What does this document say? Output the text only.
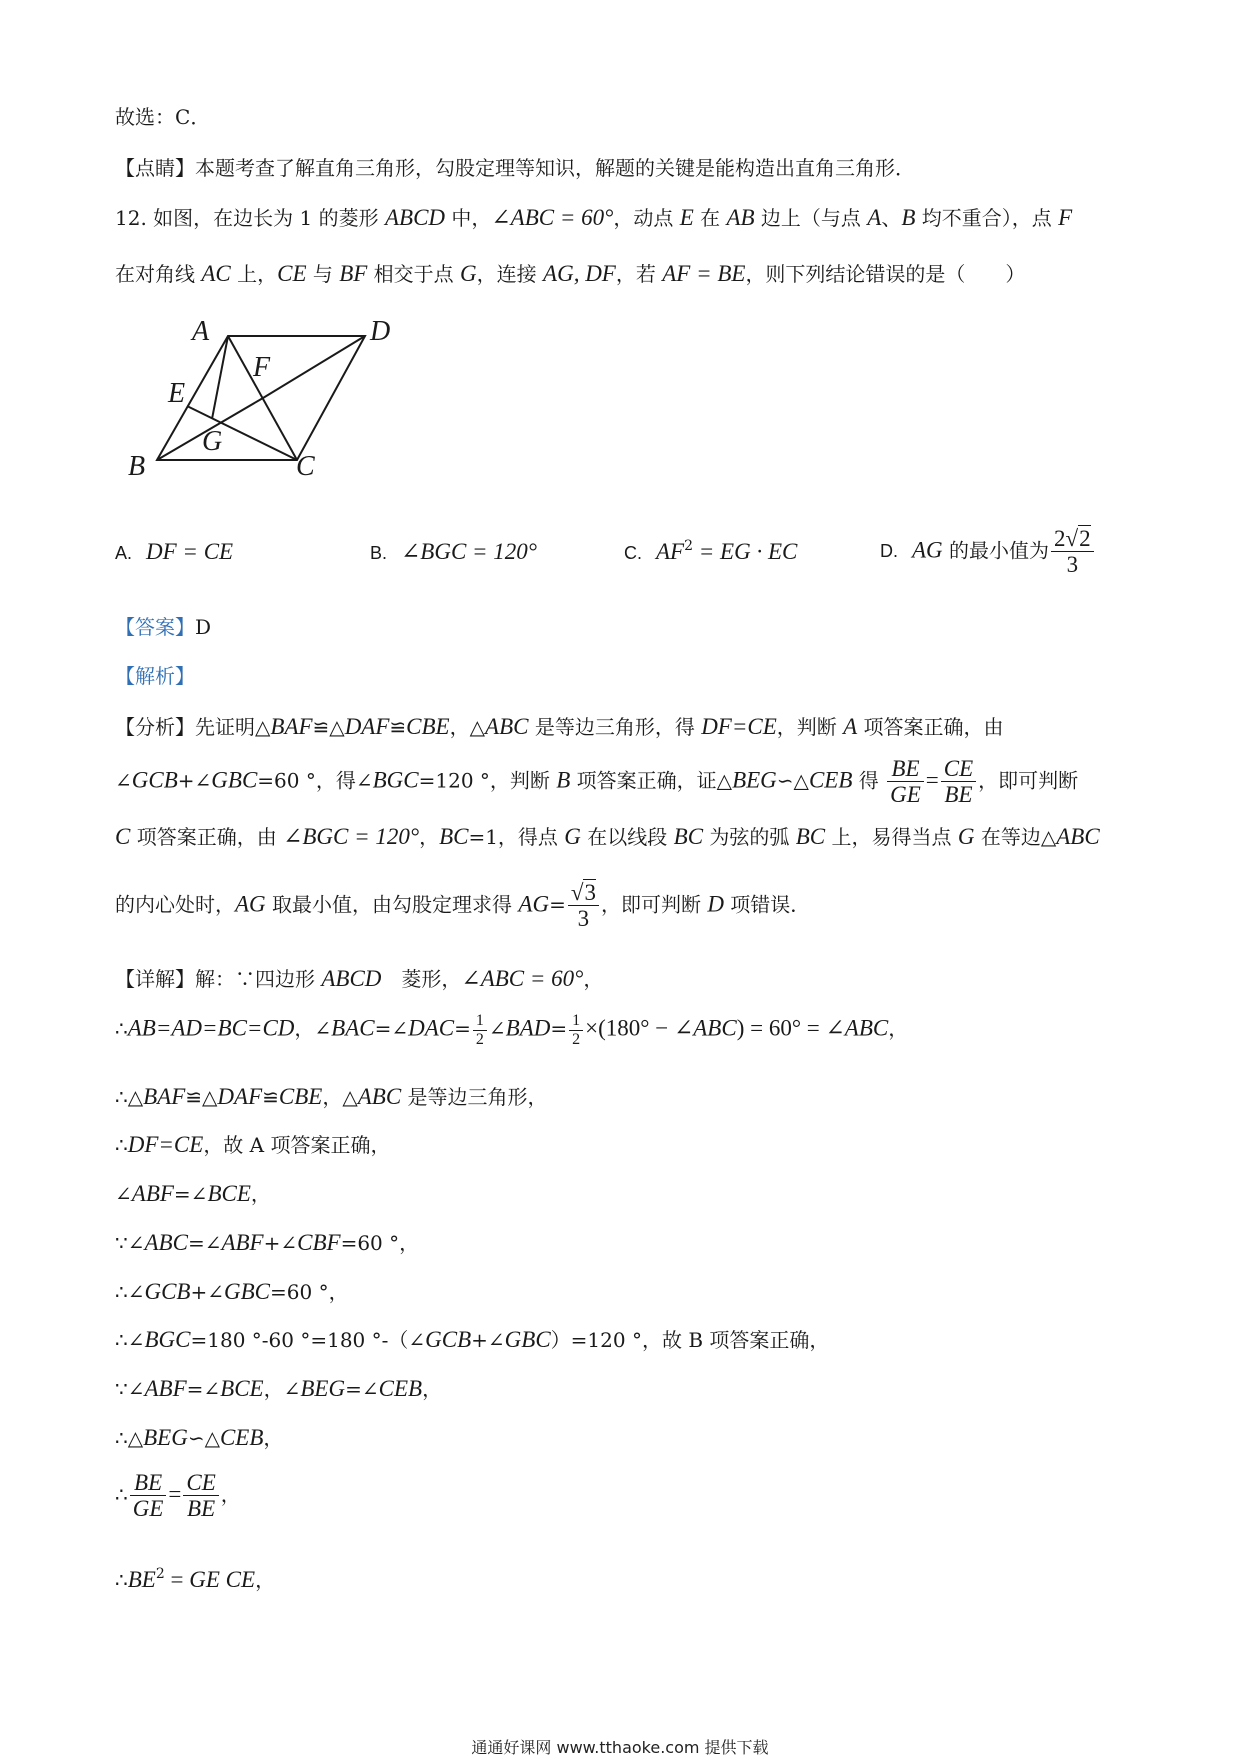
故选：C．
【点睛】本题考查了解直角三角形，勾股定理等知识，解题的关键是能构造出直角三角形．
12. 如图，在边长为 1 的菱形 ABCD 中，∠ABC = 60°，动点 E 在 AB 边上（与点 A、B 均不重合），点 F
在对角线 AC 上，CE 与 BF 相交于点 G，连接 AG, DF，若 AF = BE，则下列结论错误的是（　　）
A	D
F
E
G
B	C
A. DF = CE	B. ∠BGC = 120°	C. $AF^2$ = EG · EC	D. AG 的最小值为 $\frac{2√2}{3}$
【答案】D
【解析】
【分析】先证明△BAF≌△DAF≌CBE，△ABC 是等边三角形，得 DF=CE，判断 A 项答案正确，由
∠GCB+∠GBC=60 °，得∠BGC=120 °，判断 B 项答案正确，证△BEG∽△CEB 得 $\frac{BE}{GE} = \frac{CE}{BE}$ ，即可判断
C 项答案正确，由 ∠BGC = 120°，BC=1，得点 G 在以线段 BC 为弦的弧 BC 上，易得当点 G 在等边△ABC
的内心处时，AG 取最小值，由勾股定理求得 $AG= \frac{√3}{3}$ ，即可判断 D 项错误．
【详解】解：∵四边形 ABCD　菱形，∠ABC = 60°，
∴AB=AD=BC=CD，∠BAC=∠DAC= $\frac{1}{2}$ ∠BAD= $\frac{1}{2} \times(180^\circ$ − ∠ABC) = 60° = ∠ABC，
∴△BAF≌△DAF≌CBE，△ABC 是等边三角形，
∴DF=CE，故 A 项答案正确，
∠ABF=∠BCE，
∵∠ABC=∠ABF+∠CBF=60 °，
∴∠GCB+∠GBC=60 °，
∴∠BGC=180 °-60 °=180 °-（∠GCB+∠GBC）=120 °，故 B 项答案正确，
∵∠ABF=∠BCE，∠BEG=∠CEB，
∴△BEG∽△CEB，
∴ $\frac{BE}{GE} = \frac{CE}{BE}$ ，
$\therefore BE^2$ = GE CE，
通通好课网 www.tthaoke.com 提供下载
